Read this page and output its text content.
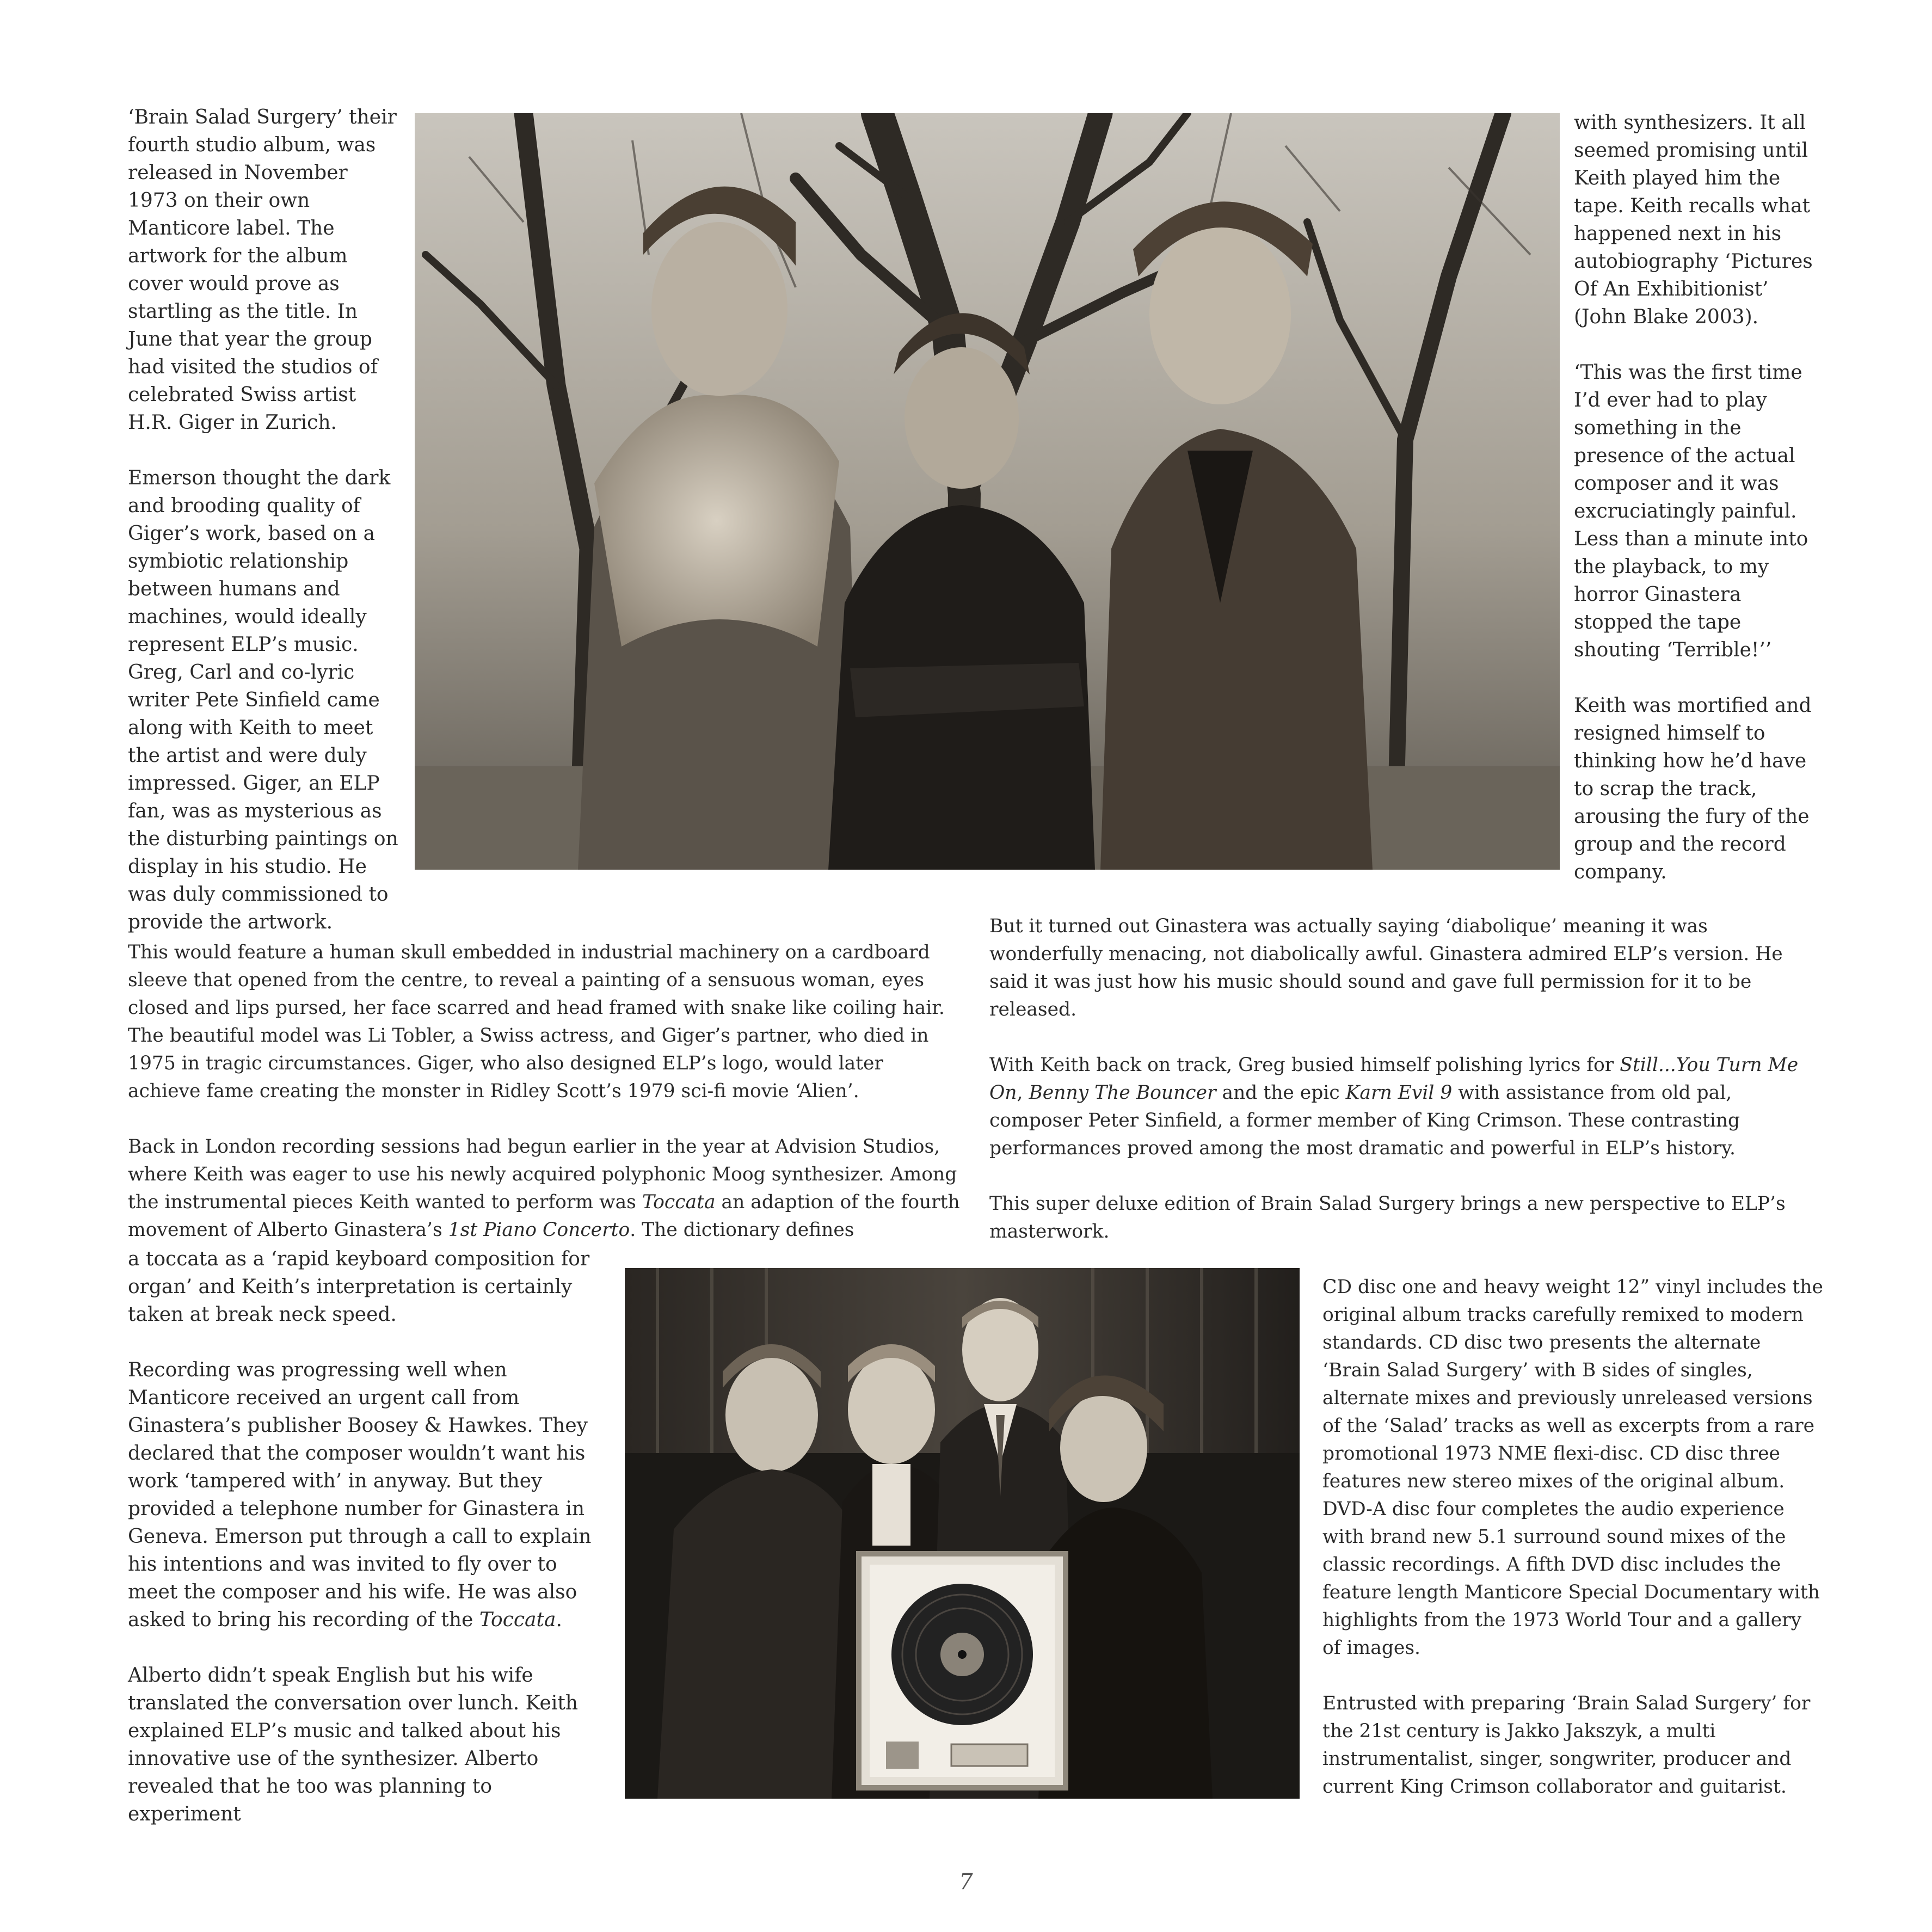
‘Brain Salad Surgery’ their fourth studio album, was released in November 1973 on their own Manticore label. The artwork for the album cover would prove as startling as the title. In June that year the group had visited the studios of celebrated Swiss artist H.R. Giger in Zurich.

Emerson thought the dark and brooding quality of Giger’s work, based on a symbiotic relationship between humans and machines, would ideally represent ELP’s music. Greg, Carl and co-lyric writer Pete Sinfield came along with Keith to meet the artist and were duly impressed. Giger, an ELP fan, was as mysterious as the disturbing paintings on display in his studio. He was duly commissioned to provide the artwork.

with synthesizers. It all seemed promising until Keith played him the tape. Keith recalls what happened next in his autobiography ‘Pictures Of An Exhibitionist’ (John Blake 2003).

‘This was the first time I’d ever had to play something in the presence of the actual composer and it was excruciatingly painful. Less than a minute into the playback, to my horror Ginastera stopped the tape shouting ‘Terrible!’’

Keith was mortified and resigned himself to thinking how he’d have to scrap the track, arousing the fury of the group and the record company.

This would feature a human skull embedded in industrial machinery on a cardboard sleeve that opened from the centre, to reveal a painting of a sensuous woman, eyes closed and lips pursed, her face scarred and head framed with snake like coiling hair. The beautiful model was Li Tobler, a Swiss actress, and Giger’s partner, who died in 1975 in tragic circumstances. Giger, who also designed ELP’s logo, would later achieve fame creating the monster in Ridley Scott’s 1979 sci-fi movie ‘Alien’.

Back in London recording sessions had begun earlier in the year at Advision Studios, where Keith was eager to use his newly acquired polyphonic Moog synthesizer. Among the instrumental pieces Keith wanted to perform was Toccata an adaption of the fourth movement of Alberto Ginastera’s 1st Piano Concerto. The dictionary defines

But it turned out Ginastera was actually saying ‘diabolique’ meaning it was wonderfully menacing, not diabolically awful. Ginastera admired ELP’s version. He said it was just how his music should sound and gave full permission for it to be released.

With Keith back on track, Greg busied himself polishing lyrics for Still...You Turn Me On, Benny The Bouncer and the epic Karn Evil 9 with assistance from old pal, composer Peter Sinfield, a former member of King Crimson. These contrasting performances proved among the most dramatic and powerful in ELP’s history.

This super deluxe edition of Brain Salad Surgery brings a new perspective to ELP’s masterwork.

a toccata as a ‘rapid keyboard composition for organ’ and Keith’s interpretation is certainly taken at break neck speed.

Recording was progressing well when Manticore received an urgent call from Ginastera’s publisher Boosey & Hawkes. They declared that the composer wouldn’t want his work ‘tampered with’ in anyway. But they provided a telephone number for Ginastera in Geneva. Emerson put through a call to explain his intentions and was invited to fly over to meet the composer and his wife. He was also asked to bring his recording of the Toccata.

Alberto didn’t speak English but his wife translated the conversation over lunch. Keith explained ELP’s music and talked about his innovative use of the synthesizer. Alberto revealed that he too was planning to experiment

CD disc one and heavy weight 12” vinyl includes the original album tracks carefully remixed to modern standards. CD disc two presents the alternate ‘Brain Salad Surgery’ with B sides of singles, alternate mixes and previously unreleased versions of the ‘Salad’ tracks as well as excerpts from a rare promotional 1973 NME flexi-disc. CD disc three features new stereo mixes of the original album. DVD-A disc four completes the audio experience with brand new 5.1 surround sound mixes of the classic recordings. A fifth DVD disc includes the feature length Manticore Special Documentary with highlights from the 1973 World Tour and a gallery of images.

Entrusted with preparing ‘Brain Salad Surgery’ for the 21st century is Jakko Jakszyk, a multi instrumentalist, singer, songwriter, producer and current King Crimson collaborator and guitarist.

7
